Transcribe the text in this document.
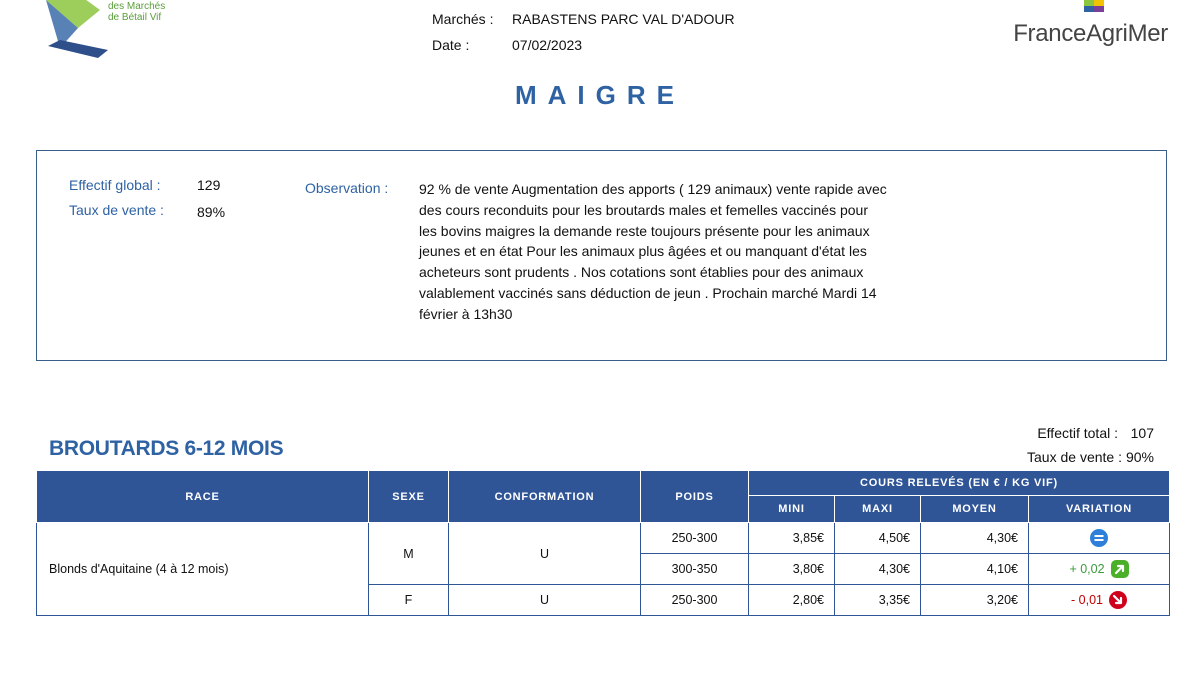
des Marchés
de Bétail Vif	Marchés :	RABASTENS PARC VAL D'ADOUR
Date :	07/02/2023	FranceAgriMer
MAIGRE
Effectif global :	129
Taux de vente : 89%
Observation : 92 % de vente Augmentation des apports ( 129 animaux) vente rapide avec des cours reconduits pour les broutards males et femelles vaccinés pour les bovins maigres la demande reste toujours présente pour les animaux jeunes et en état Pour les animaux plus âgées et ou manquant d'état les acheteurs sont prudents . Nos cotations sont établies pour des animaux valablement vaccinés sans déduction de jeun . Prochain marché Mardi 14 février à 13h30
BROUTARDS 6-12 MOIS
Effectif total : 107
Taux de vente : 90%
RACE	SEXE	CONFORMATION	POIDS	COURS RELEVÉS (EN € / KG VIF)			
				MINI	MAXI	MOYEN	VARIATION
Blonds d'Aquitaine (4 à 12 mois)	M	U	250-300	3,85€	4,50€	4,30€	

			300-350	3,80€	4,30€	4,10€	+ 0,02

	F	U	250-300	2,80€	3,35€	3,20€	- 0,01
